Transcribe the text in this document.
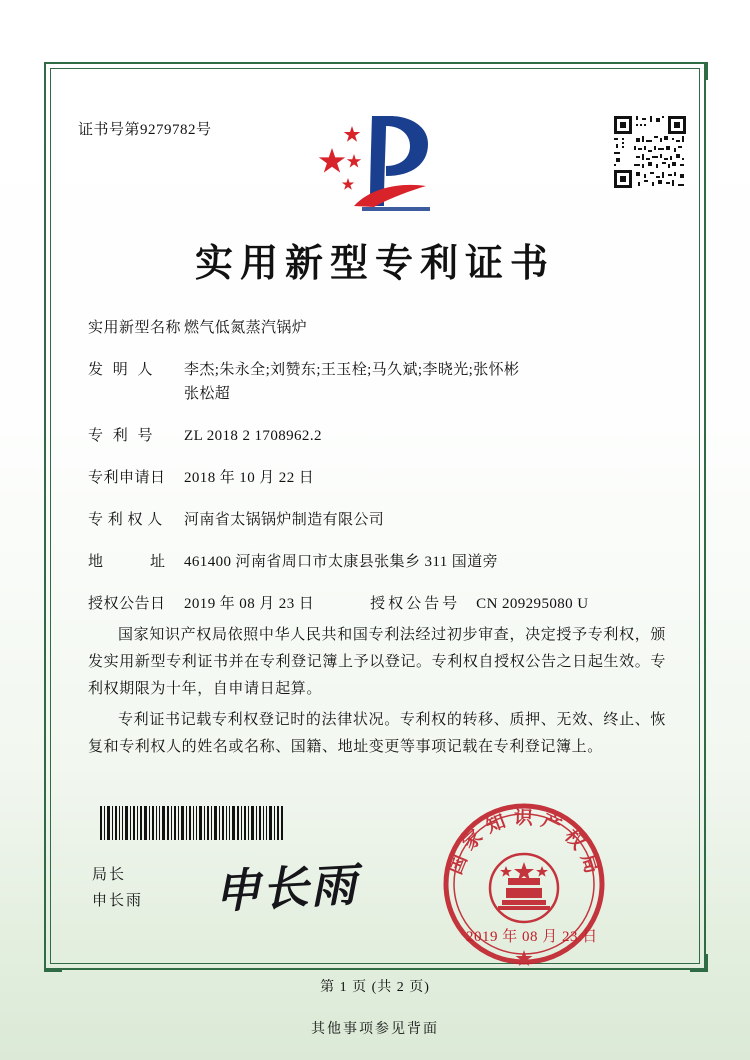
证书号第9279782号
实用新型专利证书
实用新型名称 燃气低氮蒸汽锅炉
发 明 人	李杰;朱永全;刘赞东;王玉栓;马久斌;李晓光;张怀彬
张松超
专 利 号	ZL 2018 2 1708962.2
专利申请日	2018 年 10 月 22 日
专 利 权 人	河南省太锅锅炉制造有限公司
地　　　址	461400 河南省周口市太康县张集乡 311 国道旁
授权公告日	2019 年 08 月 23 日	授权公告号 CN 209295080 U

国家知识产权局依照中华人民共和国专利法经过初步审查，决定授予专利权，颁发实用新型专利证书并在专利登记簿上予以登记。专利权自授权公告之日起生效。专利权期限为十年，自申请日起算。

专利证书记载专利权登记时的法律状况。专利权的转移、质押、无效、终止、恢复和专利权人的姓名或名称、国籍、地址变更等事项记载在专利登记簿上。

局长
申长雨 申长雨	国家知识产权局
2019 年 08 月 23 日
第 1 页 (共 2 页)
其他事项参见背面
